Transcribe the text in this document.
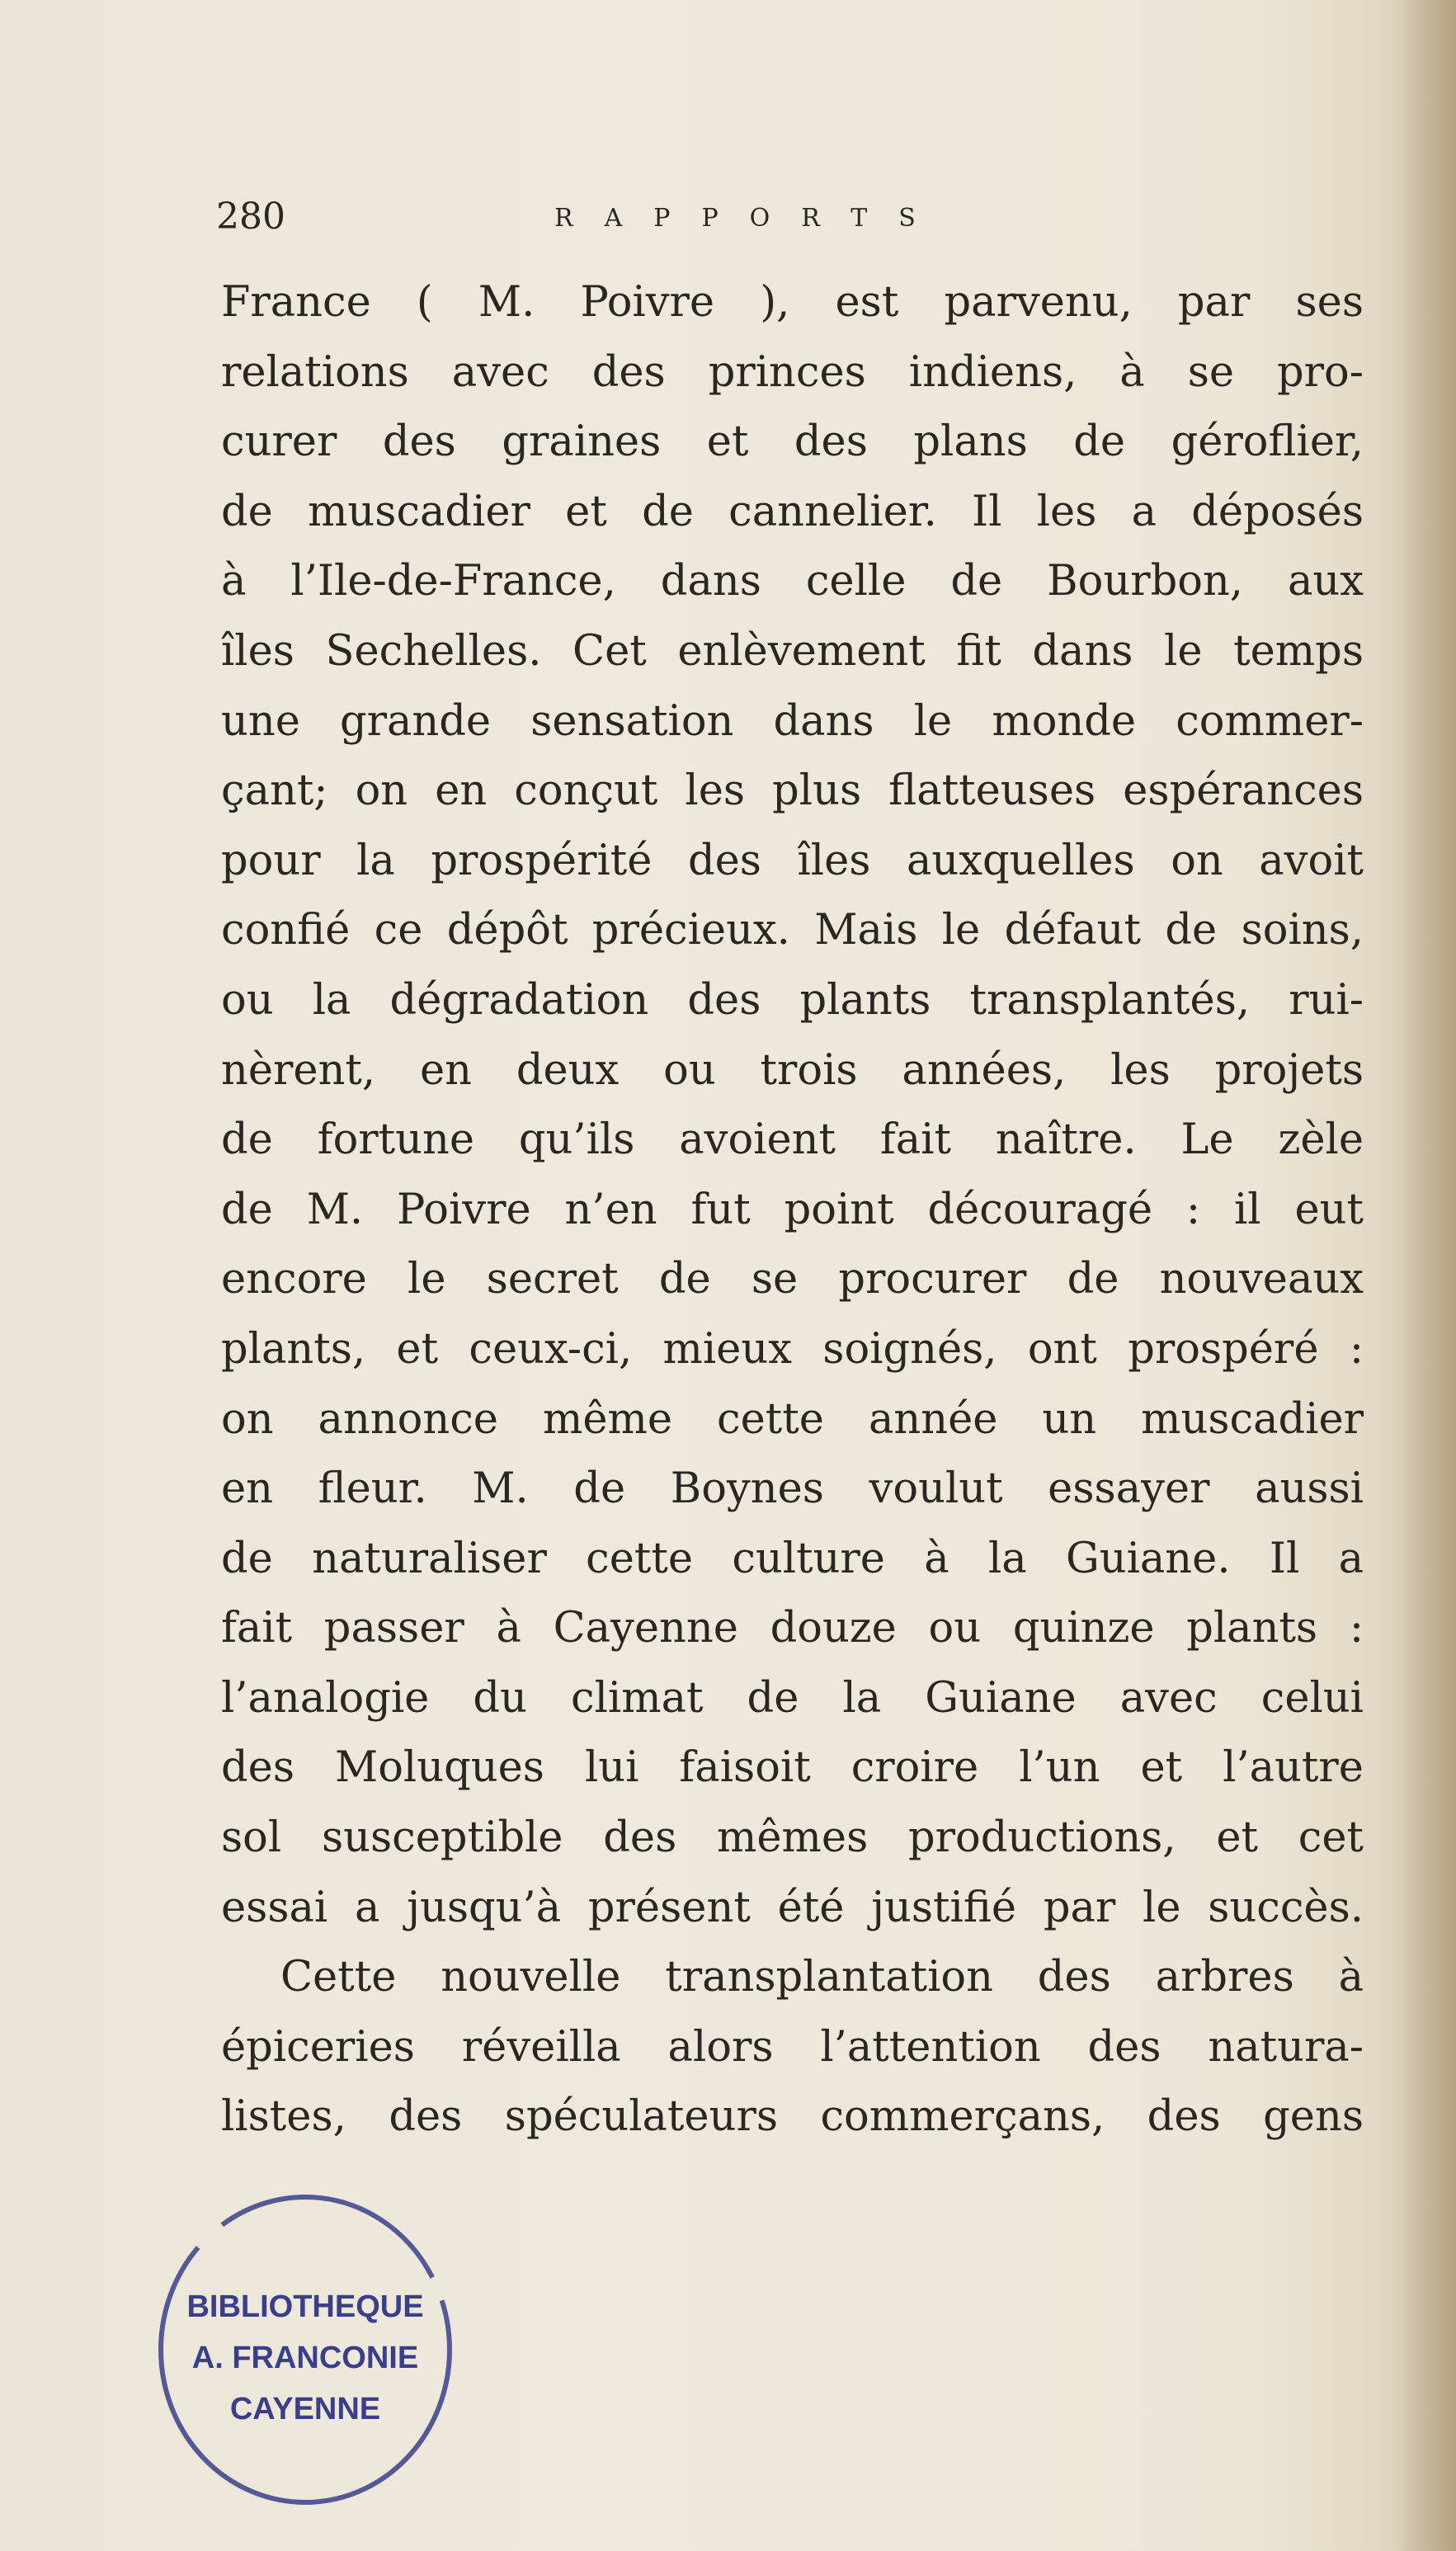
280	RAPPORTS
France ( M. Poivre ), est parvenu, par ses
relations avec des princes indiens, à se pro-
curer des graines et des plans de géroflier,
de muscadier et de cannelier. Il les a déposés
à l’Ile-de-France, dans celle de Bourbon, aux
îles Sechelles. Cet enlèvement fit dans le temps
une grande sensation dans le monde commer-
çant; on en conçut les plus flatteuses espérances
pour la prospérité des îles auxquelles on avoit
confié ce dépôt précieux. Mais le défaut de soins,
ou la dégradation des plants transplantés, rui-
nèrent, en deux ou trois années, les projets
de fortune qu’ils avoient fait naître. Le zèle
de M. Poivre n’en fut point découragé : il eut
encore le secret de se procurer de nouveaux
plants, et ceux-ci, mieux soignés, ont prospéré :
on annonce même cette année un muscadier
en fleur. M. de Boynes voulut essayer aussi
de naturaliser cette culture à la Guiane. Il a
fait passer à Cayenne douze ou quinze plants :
l’analogie du climat de la Guiane avec celui
des Moluques lui faisoit croire l’un et l’autre
sol susceptible des mêmes productions, et cet
essai a jusqu’à présent été justifié par le succès.
Cette nouvelle transplantation des arbres à
épiceries réveilla alors l’attention des natura-
listes, des spéculateurs commerçans, des gens
BIBLIOTHEQUE
A. FRANCONIE
CAYENNE
